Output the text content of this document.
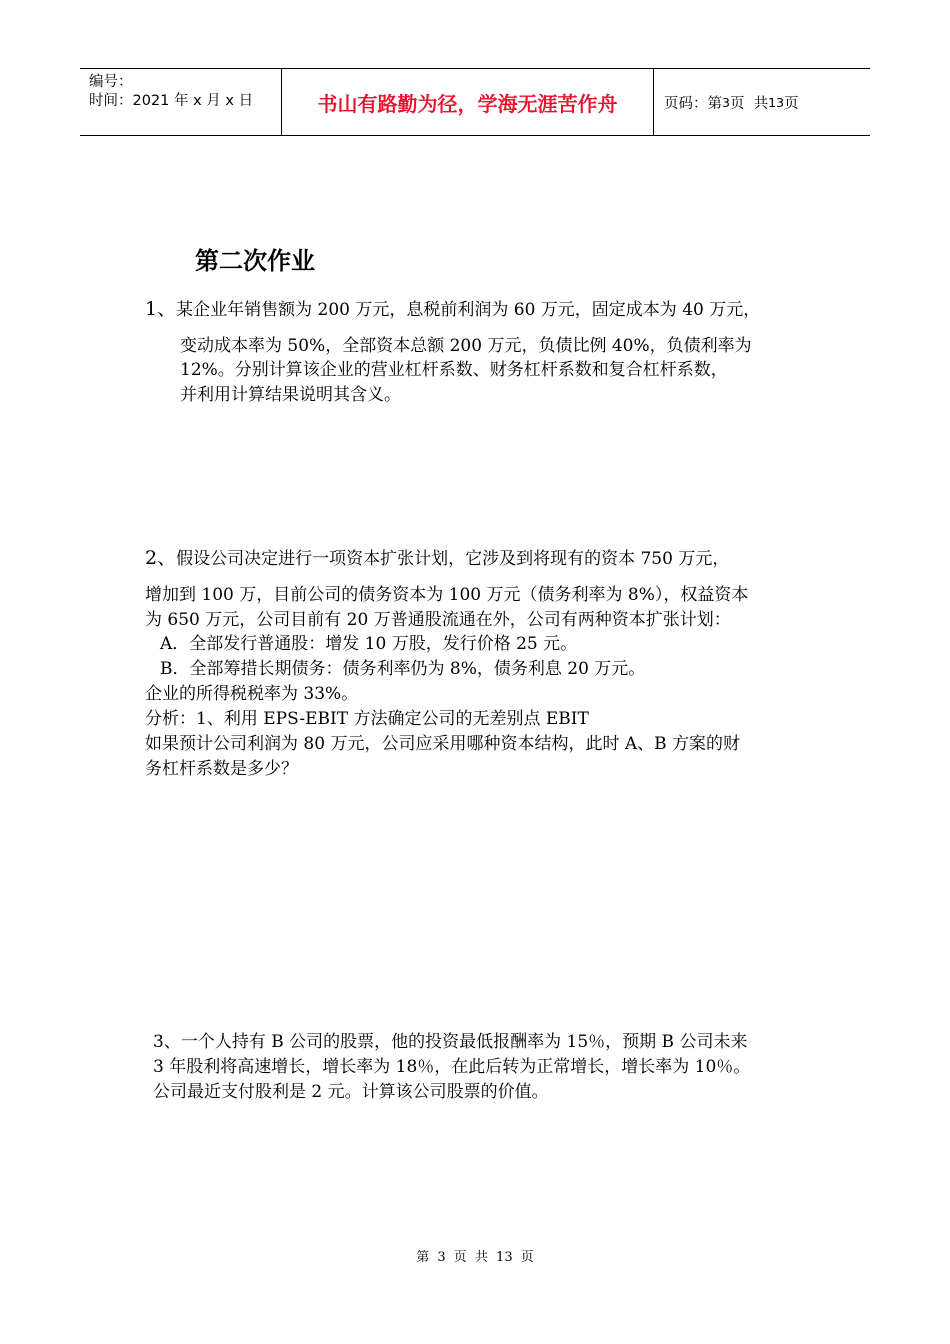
编号：
时间：2021 年 x 月 x 日	书山有路勤为径，学海无涯苦作舟	页码：第 3 页  共 13 页
第二次作业
1、某企业年销售额为 200 万元，息税前利润为 60 万元，固定成本为 40 万元，
变动成本率为 50%，全部资本总额 200 万元，负债比例 40%，负债利率为
12%。分别计算该企业的营业杠杆系数、财务杠杆系数和复合杠杆系数，
并利用计算结果说明其含义。
2、假设公司决定进行一项资本扩张计划，它涉及到将现有的资本 750 万元，
增加到 100 万，目前公司的债务资本为 100 万元（债务利率为 8%），权益资本
为 650 万元，公司目前有 20 万普通股流通在外，公司有两种资本扩张计划：
A．全部发行普通股：增发 10 万股，发行价格 25 元。
B．全部筹措长期债务：债务利率仍为 8%，债务利息 20 万元。
企业的所得税税率为 33%。
分析：1、利用 EPS-EBIT 方法确定公司的无差别点 EBIT
如果预计公司利润为 80 万元，公司应采用哪种资本结构，此时 A、B 方案的财
务杠杆系数是多少？
3、一个人持有 B 公司的股票，他的投资最低报酬率为 15％，预期 B 公司未来
3 年股利将高速增长，增长率为 18％，在此后转为正常增长，增长率为 10％。
公司最近支付股利是 2 元。计算该公司股票的价值。
第 3 页 共 13 页
